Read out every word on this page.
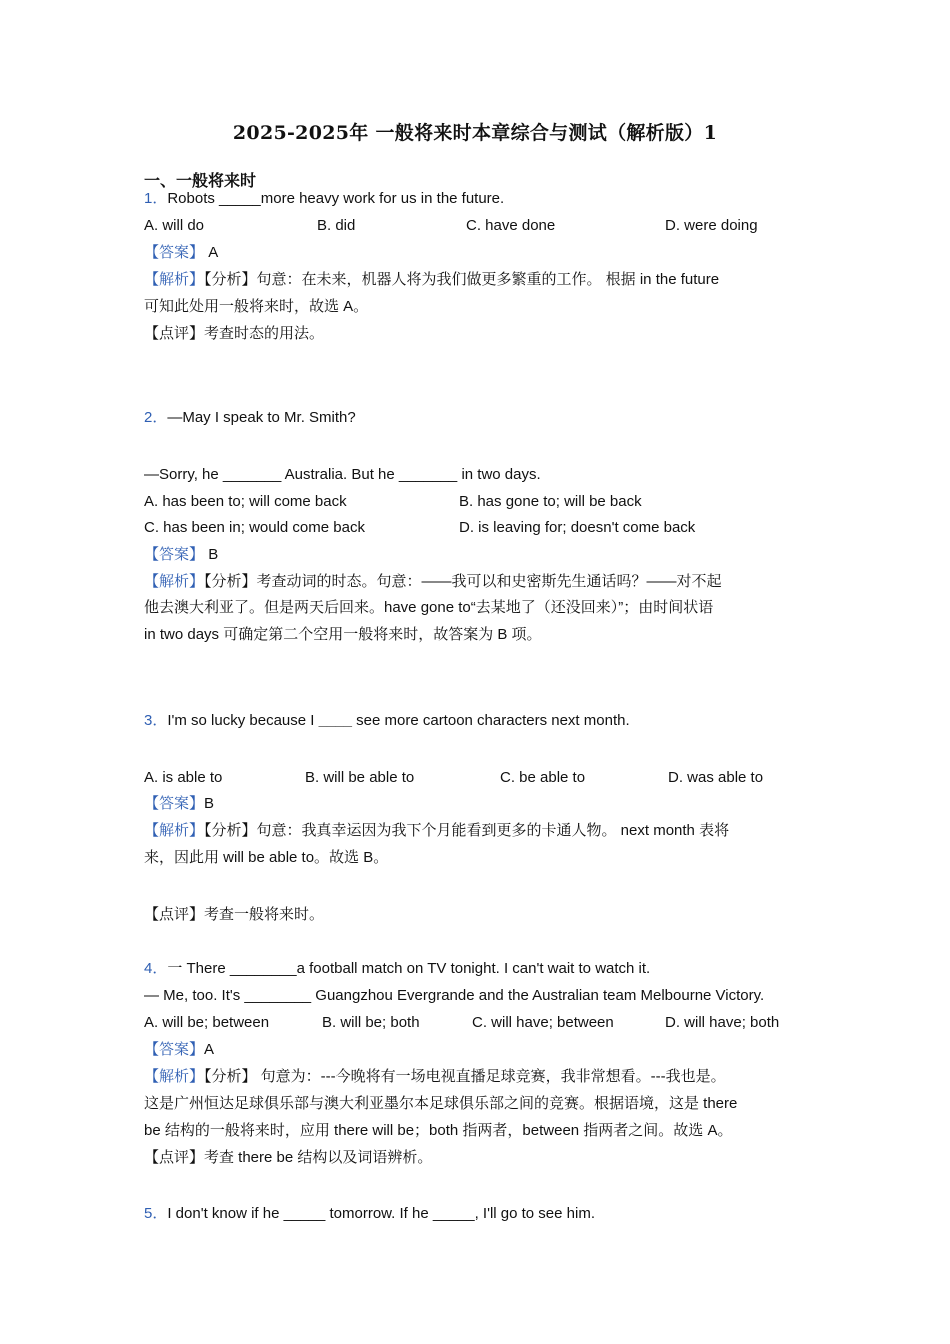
2025-2025年 一般将来时本章综合与测试（解析版）1
一、一般将来时
1．Robots _____more heavy work for us in the future.
A. will do	B. did	C. have done	D. were doing
【答案】 A
【解析】【分析】句意：在未来，机器人将为我们做更多繁重的工作。 根据 in the future
可知此处用一般将来时，故选 A。
【点评】考查时态的用法。
2．—May I speak to Mr. Smith?
—Sorry, he _______ Australia. But he _______ in two days.
A. has been to; will come back	B. has gone to; will be back
C. has been in; would come back	D. is leaving for; doesn't come back
【答案】 B
【解析】【分析】考查动词的时态。句意：——我可以和史密斯先生通话吗？——对不起
他去澳大利亚了。但是两天后回来。have gone to“去某地了（还没回来）”；由时间状语
in two days 可确定第二个空用一般将来时，故答案为 B 项。
3．I'm so lucky because I ____ see more cartoon characters next month.
A. is able to	B. will be able to	C. be able to	D. was able to
【答案】B
【解析】【分析】句意：我真幸运因为我下个月能看到更多的卡通人物。 next month 表将
来，因此用 will be able to。故选 B。
【点评】考查一般将来时。
4．一 There ________a football match on TV tonight. I can't wait to watch it.
— Me, too. It's ________ Guangzhou Evergrande and the Australian team Melbourne Victory.
A. will be; between	B. will be; both	C. will have; between	D. will have; both
【答案】A
【解析】【分析】 句意为：---今晚将有一场电视直播足球竞赛，我非常想看。---我也是。
这是广州恒达足球俱乐部与澳大利亚墨尔本足球俱乐部之间的竞赛。根据语境，这是 there
be 结构的一般将来时，应用 there will be；both 指两者，between 指两者之间。故选 A。
【点评】考查 there be 结构以及词语辨析。
5．I don't know if he _____ tomorrow. If he _____, I'll go to see him.
